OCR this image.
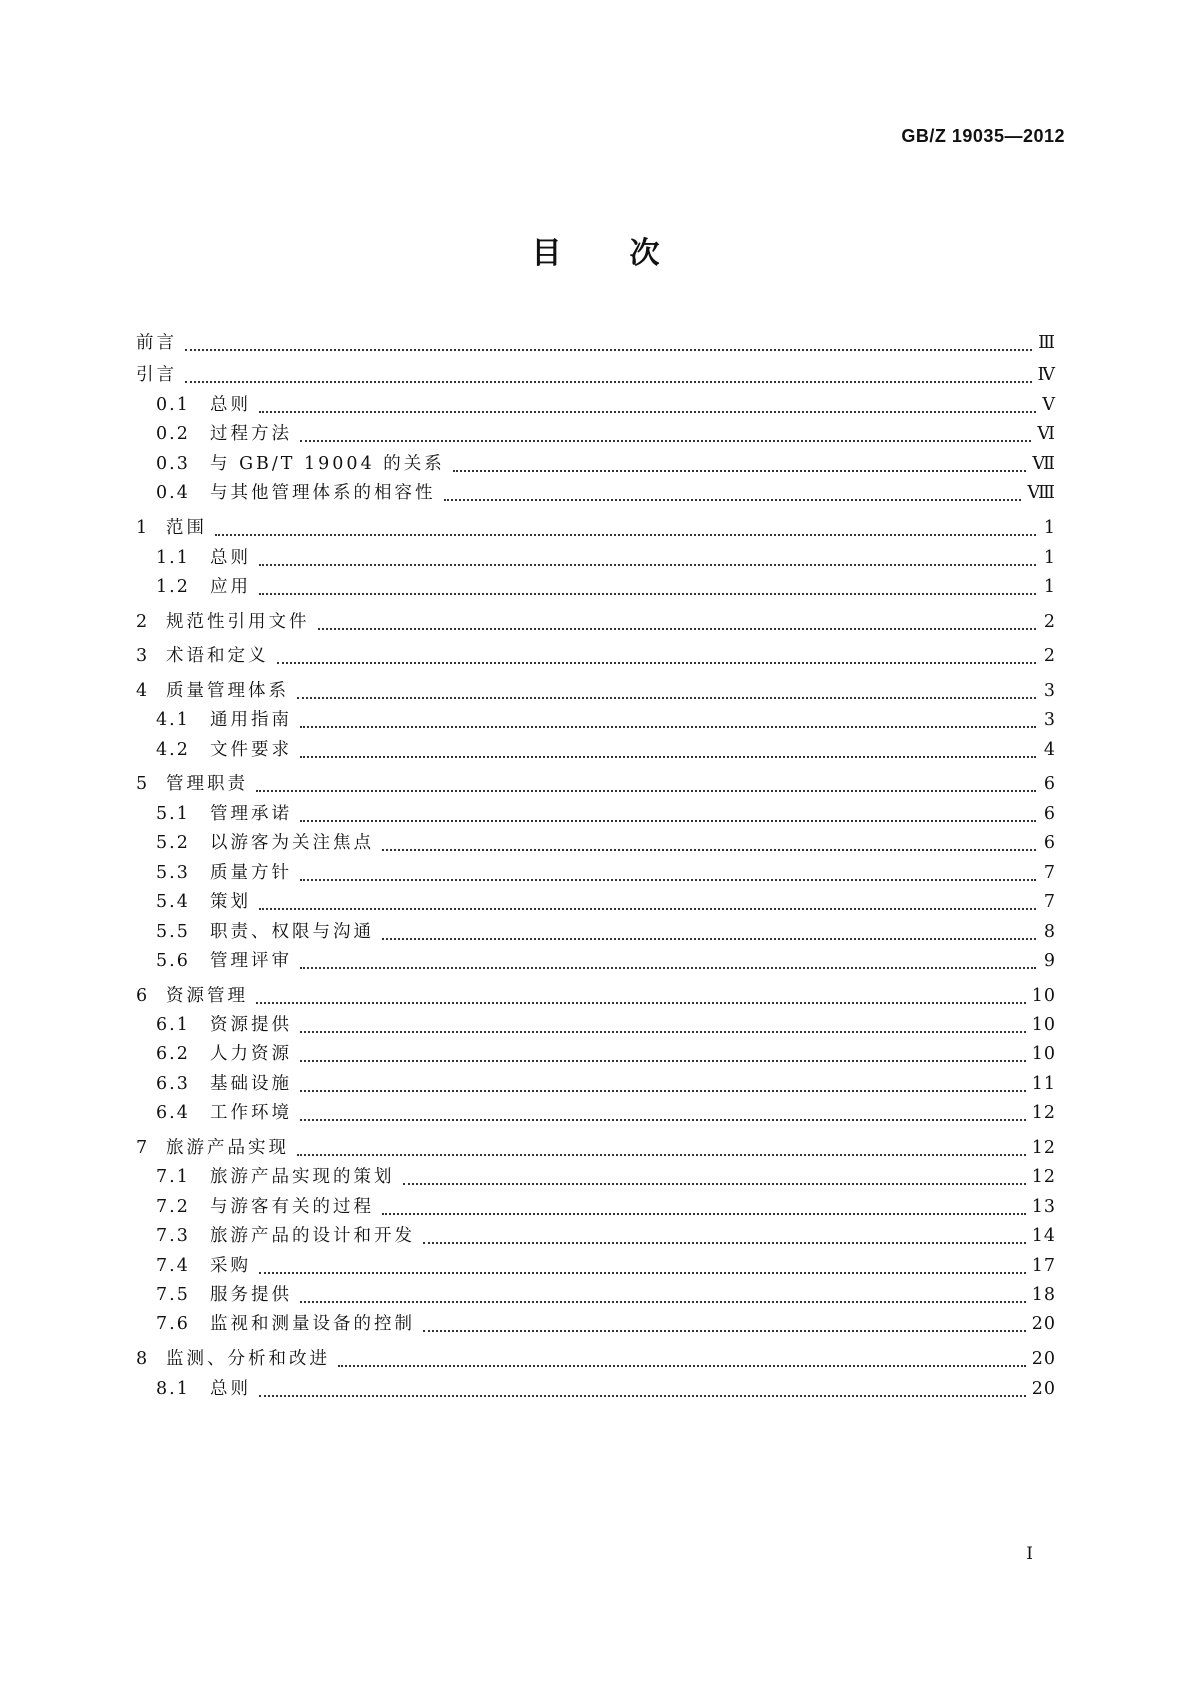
GB/Z 19035—2012
目 次
前言	Ⅲ
引言	Ⅳ
0.1	总则	Ⅴ
0.2	过程方法	Ⅵ
0.3	与 GB/T 19004 的关系	Ⅶ
0.4	与其他管理体系的相容性	Ⅷ
1 范围	1
1.1	总则	1
1.2	应用	1
2 规范性引用文件	2
3 术语和定义	2
4 质量管理体系	3
4.1	通用指南	3
4.2	文件要求	4
5 管理职责	6
5.1	管理承诺	6
5.2	以游客为关注焦点	6
5.3	质量方针	7
5.4	策划	7
5.5	职责、权限与沟通	8
5.6	管理评审	9
6 资源管理	10
6.1	资源提供	10
6.2	人力资源	10
6.3	基础设施	11
6.4	工作环境	12
7 旅游产品实现	12
7.1	旅游产品实现的策划	12
7.2	与游客有关的过程	13
7.3	旅游产品的设计和开发	14
7.4	采购	17
7.5	服务提供	18
7.6	监视和测量设备的控制	20
8 监测、分析和改进	20
8.1	总则	20
I
